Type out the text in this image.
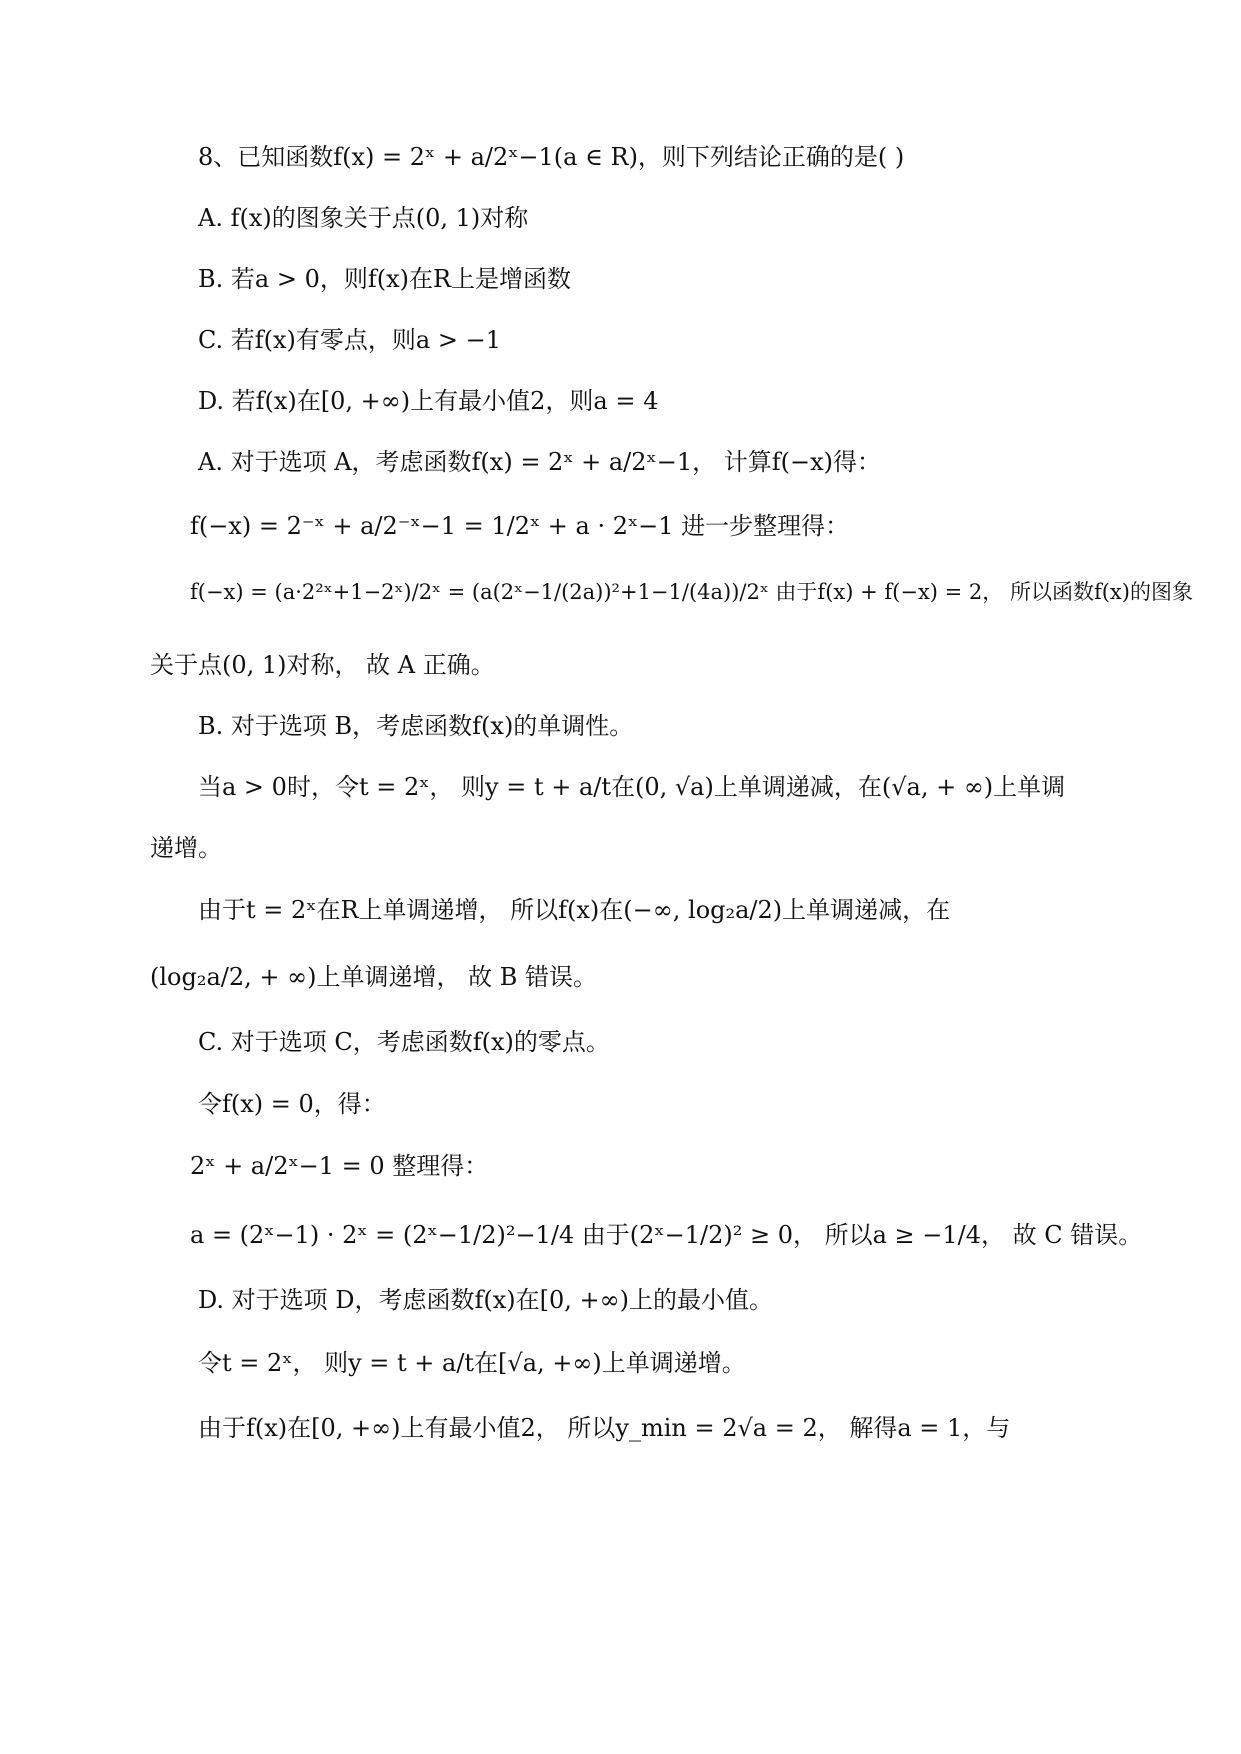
8、已知函数f(x) = 2ˣ + a/2ˣ−1(a ∈ R)，则下列结论正确的是( )
A. f(x)的图象关于点(0, 1)对称
B. 若a > 0，则f(x)在R上是增函数
C. 若f(x)有零点，则a > −1
D. 若f(x)在[0, +∞)上有最小值2，则a = 4
A. 对于选项 A，考虑函数f(x) = 2ˣ + a/2ˣ−1， 计算f(−x)得：
f(−x) = 2⁻ˣ + a/2⁻ˣ−1 = 1/2ˣ + a · 2ˣ−1 进一步整理得：
f(−x) = (a·2²ˣ+1−2ˣ)/2ˣ = (a(2ˣ−1/(2a))²+1−1/(4a))/2ˣ 由于f(x) + f(−x) = 2， 所以函数f(x)的图象
关于点(0, 1)对称， 故 A 正确。
B. 对于选项 B，考虑函数f(x)的单调性。
当a > 0时，令t = 2ˣ， 则y = t + a/t在(0, √a)上单调递减，在(√a, + ∞)上单调
递增。
由于t = 2ˣ在R上单调递增， 所以f(x)在(−∞, log₂a/2)上单调递减，在
(log₂a/2, + ∞)上单调递增， 故 B 错误。
C. 对于选项 C，考虑函数f(x)的零点。
令f(x) = 0，得：
2ˣ + a/2ˣ−1 = 0 整理得：
a = (2ˣ−1) · 2ˣ = (2ˣ−1/2)²−1/4 由于(2ˣ−1/2)² ≥ 0， 所以a ≥ −1/4， 故 C 错误。
D. 对于选项 D，考虑函数f(x)在[0, +∞)上的最小值。
令t = 2ˣ， 则y = t + a/t在[√a, +∞)上单调递增。
由于f(x)在[0, +∞)上有最小值2， 所以y_min = 2√a = 2， 解得a = 1，与
